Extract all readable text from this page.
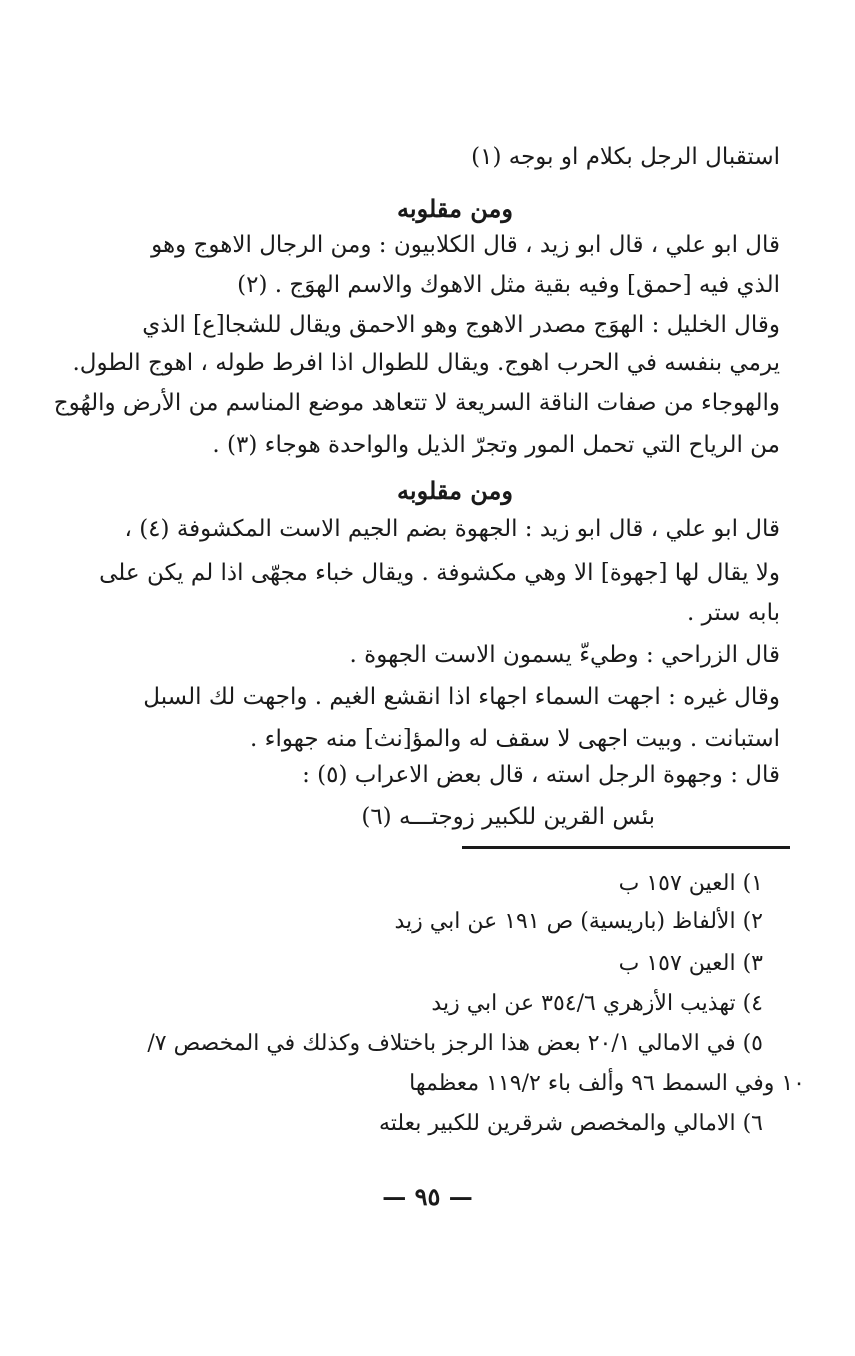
استقبال الرجل بكلام او بوجه (١)
ومن مقلوبه
قال ابو علي ، قال ابو زيد ، قال الكلابيون : ومن الرجال الاهوج وهو
الذي فيه [حمق] وفيه بقية مثل الاهوك والاسم الهوَج . (٢)
وقال الخليل : الهوَج مصدر الاهوج وهو الاحمق ويقال للشجا[ع] الذي
يرمي بنفسه في الحرب اهوج. ويقال للطوال اذا افرط طوله ، اهوج الطول.
والهوجاء من صفات الناقة السريعة لا تتعاهد موضع المناسم من الأرض والهُوج
من الرياح التي تحمل المور وتجرّ الذيل والواحدة هوجاء (٣) .
ومن مقلوبه
قال ابو علي ، قال ابو زيد : الجهوة بضم الجيم الاست المكشوفة (٤) ،
ولا يقال لها [جهوة] الا وهي مكشوفة . ويقال خباء مجهّى اذا لم يكن على
بابه ستر .
قال الزراحي : وطيءّ يسمون الاست الجهوة .
وقال غيره : اجهت السماء اجهاء اذا انقشع الغيم . واجهت لك السبل
استبانت . وبيت اجهى لا سقف له والمؤ[نث] منه جهواء .
قال : وجهوة الرجل استه ، قال بعض الاعراب (٥) :
بئس القرين للكبير زوجتـــه (٦)
١) العين ١٥٧ ب
٢) الألفاظ (باريسية) ص ١٩١ عن ابي زيد
٣) العين ١٥٧ ب
٤) تهذيب الأزهري ٣٥٤/٦ عن ابي زيد
٥) في الامالي ٢٠/١ بعض هذا الرجز باختلاف وكذلك في المخصص ٧/
١٠ وفي السمط ٩٦ وألف باء ١١٩/٢ معظمها
٦) الامالي والمخصص شرقرين للكبير بعلته
— ٩٥ —
